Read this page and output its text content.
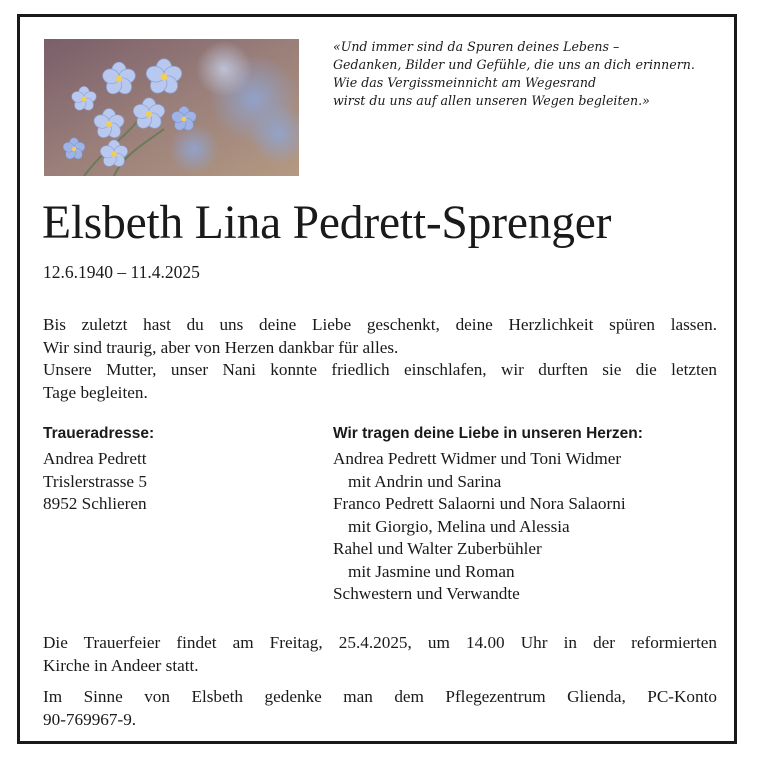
«Und immer sind da Spuren deines Lebens –
Gedanken, Bilder und Gefühle, die uns an dich erinnern.
Wie das Vergissmeinnicht am Wegesrand
wirst du uns auf allen unseren Wegen begleiten.»
Elsbeth Lina Pedrett-Sprenger
12.6.1940 – 11.4.2025
Bis zuletzt hast du uns deine Liebe geschenkt, deine Herzlichkeit spüren lassen.
Wir sind traurig, aber von Herzen dankbar für alles.
Unsere Mutter, unser Nani konnte friedlich einschlafen, wir durften sie die letzten
Tage begleiten.
Traueradresse:
Andrea Pedrett
Trislerstrasse 5
8952 Schlieren
Wir tragen deine Liebe in unseren Herzen:
Andrea Pedrett Widmer und Toni Widmer
mit Andrin und Sarina
Franco Pedrett Salaorni und Nora Salaorni
mit Giorgio, Melina und Alessia
Rahel und Walter Zuberbühler
mit Jasmine und Roman
Schwestern und Verwandte
Die Trauerfeier findet am Freitag, 25.4.2025, um 14.00 Uhr in der reformierten
Kirche in Andeer statt.
Im Sinne von Elsbeth gedenke man dem Pflegezentrum Glienda, PC-Konto
90-769967-9.
